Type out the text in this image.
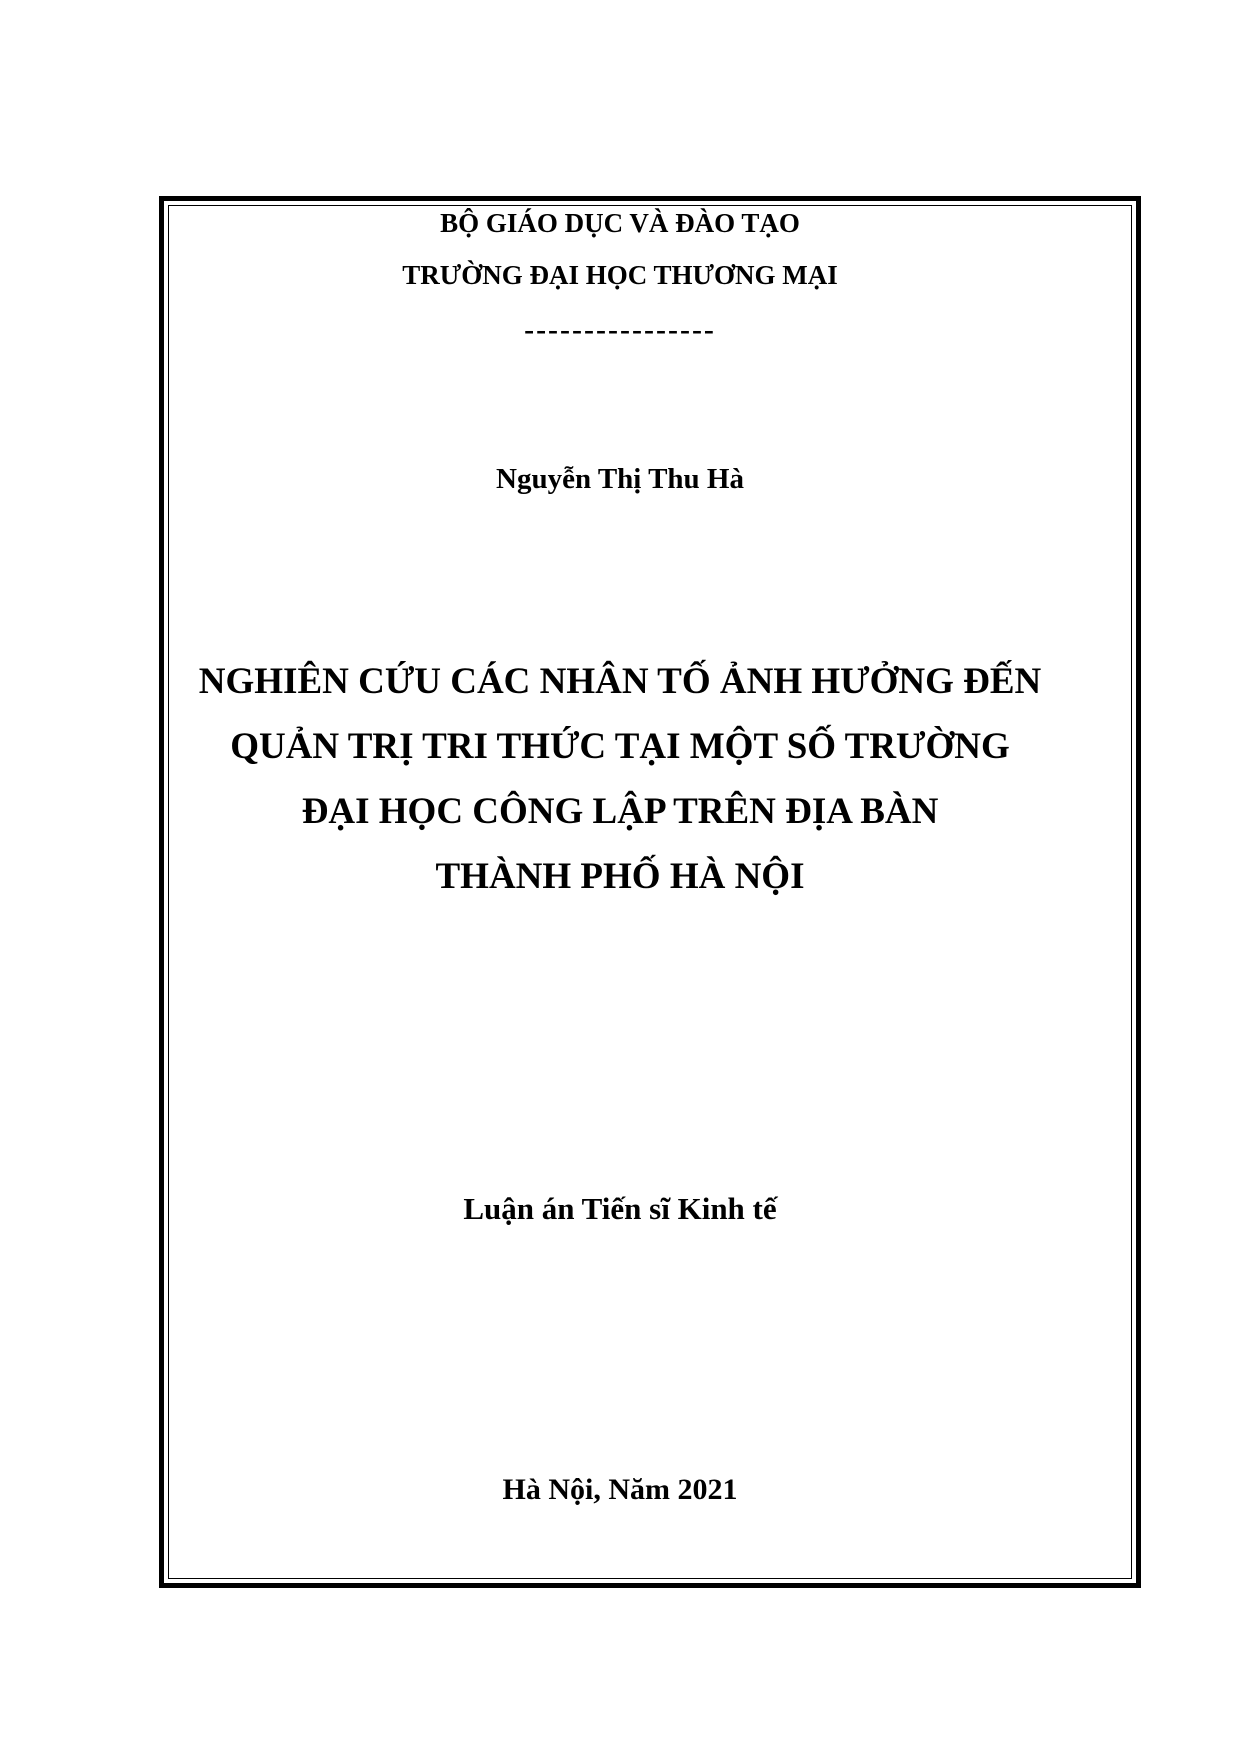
BỘ GIÁO DỤC VÀ ĐÀO TẠO
TRƯỜNG ĐẠI HỌC THƯƠNG MẠI
----------------
Nguyễn Thị Thu Hà
NGHIÊN CỨU CÁC NHÂN TỐ ẢNH HƯỞNG ĐẾN
QUẢN TRỊ TRI THỨC TẠI MỘT SỐ TRƯỜNG
ĐẠI HỌC CÔNG LẬP TRÊN ĐỊA BÀN
THÀNH PHỐ HÀ NỘI
Luận án Tiến sĩ Kinh tế
Hà Nội, Năm 2021
